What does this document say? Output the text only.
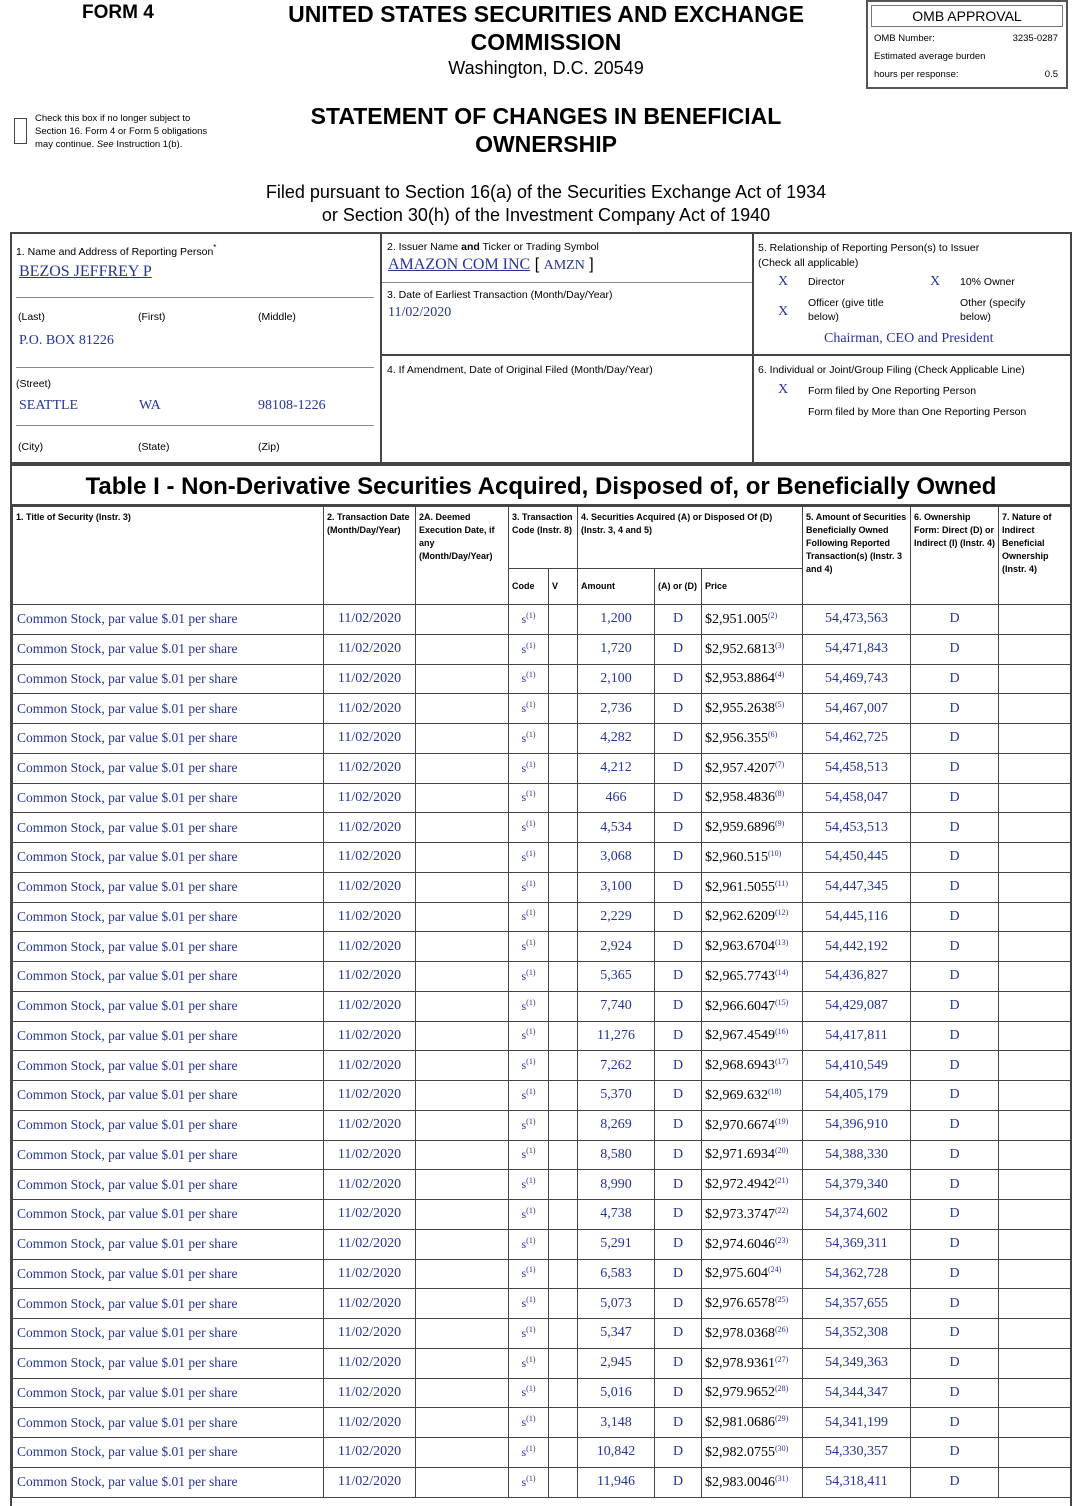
FORM 4	UNITED STATES SECURITIES AND EXCHANGE
COMMISSION
Washington, D.C. 20549
OMB APPROVAL
OMB Number:	3235-0287
Estimated average burden
hours per response:	0.5
Check this box if no longer subject to
Section 16. Form 4 or Form 5 obligations
may continue. See Instruction 1(b).
STATEMENT OF CHANGES IN BENEFICIAL
OWNERSHIP
Filed pursuant to Section 16(a) of the Securities Exchange Act of 1934
or Section 30(h) of the Investment Company Act of 1940
1. Name and Address of Reporting Person*
BEZOS JEFFREY P
(Last)	(First)	(Middle)
P.O. BOX 81226
(Street)
SEATTLE	WA	98108-1226
(City)	(State)	(Zip)
2. Issuer Name and Ticker or Trading Symbol
AMAZON COM INC [ AMZN ]
3. Date of Earliest Transaction (Month/Day/Year)
11/02/2020
4. If Amendment, Date of Original Filed (Month/Day/Year)
5. Relationship of Reporting Person(s) to Issuer
(Check all applicable)
X Director	X 10% Owner
X
Officer (give title
below)
Other (specify
below)
Chairman, CEO and President
6. Individual or Joint/Group Filing (Check Applicable Line)
X Form filed by One Reporting Person
Form filed by More than One Reporting Person
Table I - Non-Derivative Securities Acquired, Disposed of, or Beneficially Owned
1. Title of Security (Instr. 3)	2. Transaction Date (Month/Day/Year)	2A. Deemed Execution Date, if any (Month/Day/Year)	3. Transaction Code (Instr. 8)		4. Securities Acquired (A) or Disposed Of (D) (Instr. 3, 4 and 5)			5. Amount of Securities Beneficially Owned Following Reported Transaction(s) (Instr. 3 and 4)	6. Ownership Form: Direct (D) or Indirect (I) (Instr. 4)	7. Nature of Indirect Beneficial Ownership (Instr. 4)
			Code	V	Amount	(A) or (D)	Price			
Common Stock, par value $.01 per share	11/02/2020		$s^{(1)}$		1,200	D	$2,951.005$^{(2)}$	54,473,563	D	
Common Stock, par value $.01 per share	11/02/2020		$s^{(1)}$		1,720	D	$2,952.6813$^{(3)}$	54,471,843	D	
Common Stock, par value $.01 per share	11/02/2020		$s^{(1)}$		2,100	D	$2,953.8864$^{(4)}$	54,469,743	D	
Common Stock, par value $.01 per share	11/02/2020		$s^{(1)}$		2,736	D	$2,955.2638$^{(5)}$	54,467,007	D	
Common Stock, par value $.01 per share	11/02/2020		$s^{(1)}$		4,282	D	$2,956.355$^{(6)}$	54,462,725	D	
Common Stock, par value $.01 per share	11/02/2020		$s^{(1)}$		4,212	D	$2,957.4207$^{(7)}$	54,458,513	D	
Common Stock, par value $.01 per share	11/02/2020		$s^{(1)}$		466	D	$2,958.4836$^{(8)}$	54,458,047	D	
Common Stock, par value $.01 per share	11/02/2020		$s^{(1)}$		4,534	D	$2,959.6896$^{(9)}$	54,453,513	D	
Common Stock, par value $.01 per share	11/02/2020		$s^{(1)}$		3,068	D	$2,960.515$^{(10)}$	54,450,445	D	
Common Stock, par value $.01 per share	11/02/2020		$s^{(1)}$		3,100	D	$2,961.5055$^{(11)}$	54,447,345	D	
Common Stock, par value $.01 per share	11/02/2020		$s^{(1)}$		2,229	D	$2,962.6209$^{(12)}$	54,445,116	D	
Common Stock, par value $.01 per share	11/02/2020		$s^{(1)}$		2,924	D	$2,963.6704$^{(13)}$	54,442,192	D	
Common Stock, par value $.01 per share	11/02/2020		$s^{(1)}$		5,365	D	$2,965.7743$^{(14)}$	54,436,827	D	
Common Stock, par value $.01 per share	11/02/2020		$s^{(1)}$		7,740	D	$2,966.6047$^{(15)}$	54,429,087	D	
Common Stock, par value $.01 per share	11/02/2020		$s^{(1)}$		11,276	D	$2,967.4549$^{(16)}$	54,417,811	D	
Common Stock, par value $.01 per share	11/02/2020		$s^{(1)}$		7,262	D	$2,968.6943$^{(17)}$	54,410,549	D	
Common Stock, par value $.01 per share	11/02/2020		$s^{(1)}$		5,370	D	$2,969.632$^{(18)}$	54,405,179	D	
Common Stock, par value $.01 per share	11/02/2020		$s^{(1)}$		8,269	D	$2,970.6674$^{(19)}$	54,396,910	D	
Common Stock, par value $.01 per share	11/02/2020		$s^{(1)}$		8,580	D	$2,971.6934$^{(20)}$	54,388,330	D	
Common Stock, par value $.01 per share	11/02/2020		$s^{(1)}$		8,990	D	$2,972.4942$^{(21)}$	54,379,340	D	
Common Stock, par value $.01 per share	11/02/2020		$s^{(1)}$		4,738	D	$2,973.3747$^{(22)}$	54,374,602	D	
Common Stock, par value $.01 per share	11/02/2020		$s^{(1)}$		5,291	D	$2,974.6046$^{(23)}$	54,369,311	D	
Common Stock, par value $.01 per share	11/02/2020		$s^{(1)}$		6,583	D	$2,975.604$^{(24)}$	54,362,728	D	
Common Stock, par value $.01 per share	11/02/2020		$s^{(1)}$		5,073	D	$2,976.6578$^{(25)}$	54,357,655	D	
Common Stock, par value $.01 per share	11/02/2020		$s^{(1)}$		5,347	D	$2,978.0368$^{(26)}$	54,352,308	D	
Common Stock, par value $.01 per share	11/02/2020		$s^{(1)}$		2,945	D	$2,978.9361$^{(27)}$	54,349,363	D	
Common Stock, par value $.01 per share	11/02/2020		$s^{(1)}$		5,016	D	$2,979.9652$^{(28)}$	54,344,347	D	
Common Stock, par value $.01 per share	11/02/2020		$s^{(1)}$		3,148	D	$2,981.0686$^{(29)}$	54,341,199	D	
Common Stock, par value $.01 per share	11/02/2020		$s^{(1)}$		10,842	D	$2,982.0755$^{(30)}$	54,330,357	D	
Common Stock, par value $.01 per share	11/02/2020		$s^{(1)}$		11,946	D	$2,983.0046$^{(31)}$	54,318,411	D	
